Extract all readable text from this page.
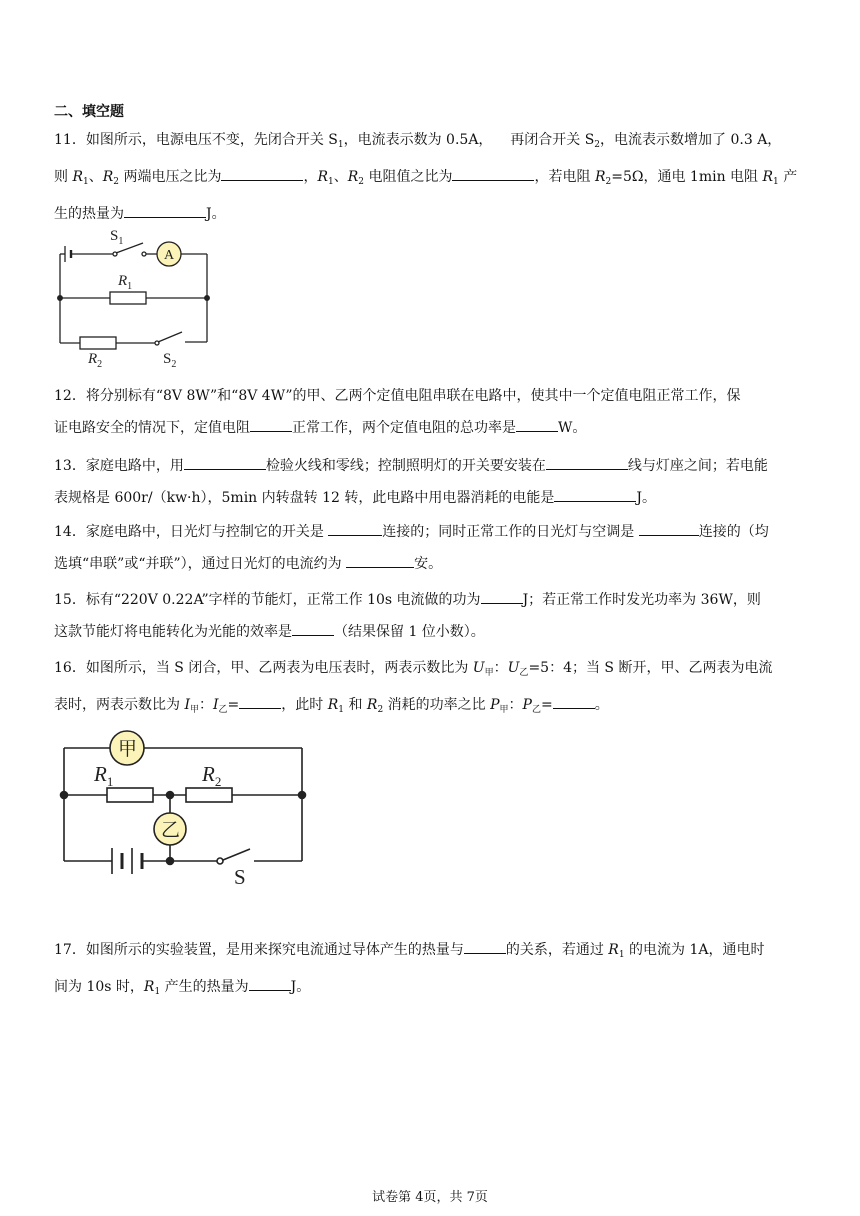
二、填空题

11．如图所示，电源电压不变，先闭合开关 $S_1$，电流表示数为 0.5A， 再闭合开关 $S_2$，电流表示数增加了 0.3 A，

则 $R_1$、$R_2$ 两端电压之比为	，$R_1$、$R_2$ 电阻值之比为	，若电阻 $R_2=5\Omega$，通电 1min 电阻 $R_1$ 产

生的热量为	J。

$S_1$
A
$R_1$
$R_2$	$S_2$

12．将分别标有“8V 8W”和“8V 4W”的甲、乙两个定值电阻串联在电路中，使其中一个定值电阻正常工作，保

证电路安全的情况下，定值电阻	正常工作，两个定值电阻的总功率是	W。

13．家庭电路中，用	检验火线和零线；控制照明灯的开关要安装在	线与灯座之间；若电能

表规格是 600r/（kw·h），5min 内转盘转 12 转，此电路中用电器消耗的电能是	J。

14．家庭电路中，日光灯与控制它的开关是	连接的；同时正常工作的日光灯与空调是	连接的（均

选填“串联”或“并联”），通过日光灯的电流约为	安。

15．标有“220V 0.22A”字样的节能灯，正常工作 10s 电流做的功为	J；若正常工作时发光功率为 36W，则

这款节能灯将电能转化为光能的效率是	（结果保留 1 位小数）。

16．如图所示，当 S 闭合，甲、乙两表为电压表时，两表示数比为 $U_甲$：$U_乙=5$：4；当 S 断开，甲、乙两表为电流

表时，两表示数比为 $I_甲$：$I_乙=$	，此时 $R_1$ 和 $R_2$ 消耗的功率之比 $P_甲$：$P_乙=$	。

甲
乙
$R_1$	$R_2$
S

17．如图所示的实验装置，是用来探究电流通过导体产生的热量与	的关系，若通过 $R_1$ 的电流为 1A，通电时

间为 10s 时，$R_1$ 产生的热量为	J。

试卷第 4页，共 7页
